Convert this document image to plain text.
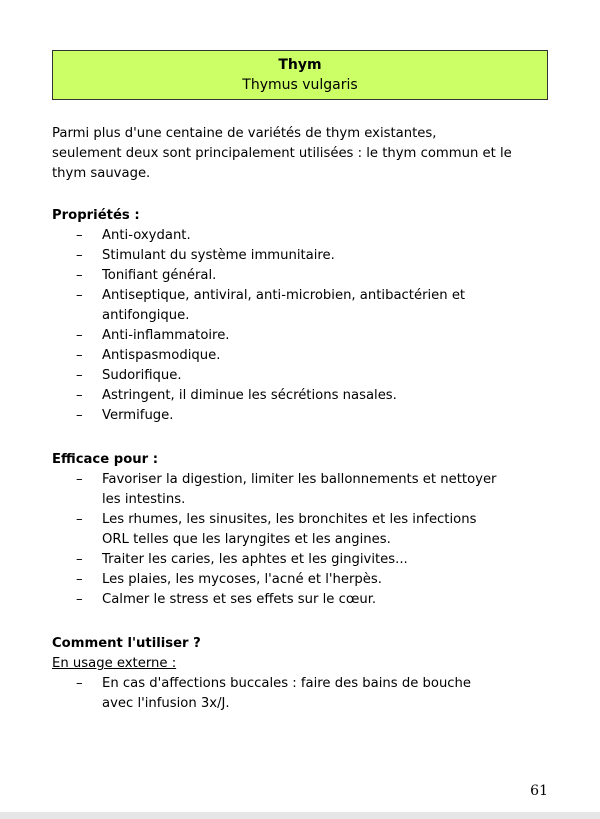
Thym
Thymus vulgaris

Parmi plus d'une centaine de variétés de thym existantes,
seulement deux sont principalement utilisées : le thym commun et le
thym sauvage.

Propriétés :

– Anti-oxydant.
– Stimulant du système immunitaire.
– Tonifiant général.
– Antiseptique, antiviral, anti-microbien, antibactérien et
antifongique.
– Anti-inflammatoire.
– Antispasmodique.
– Sudorifique.
– Astringent, il diminue les sécrétions nasales.
– Vermifuge.

Efficace pour :

– Favoriser la digestion, limiter les ballonnements et nettoyer
les intestins.
– Les rhumes, les sinusites, les bronchites et les infections
ORL telles que les laryngites et les angines.
– Traiter les caries, les aphtes et les gingivites...
– Les plaies, les mycoses, l'acné et l'herpès.
– Calmer le stress et ses effets sur le cœur.

Comment l'utiliser ?

En usage externe :

– En cas d'affections buccales : faire des bains de bouche
avec l'infusion 3x/J.
61
